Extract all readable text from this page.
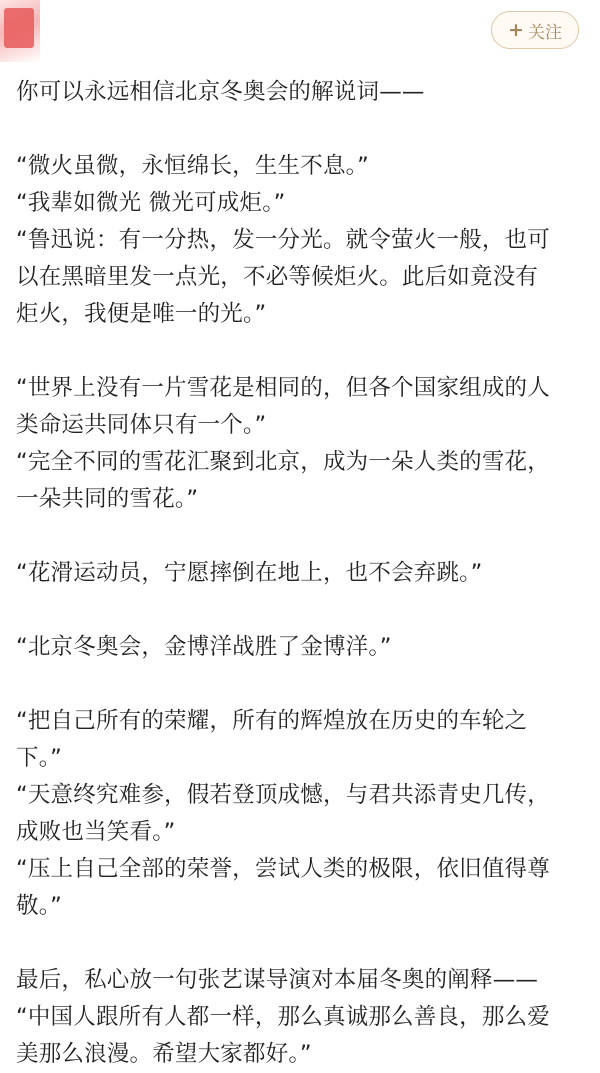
+ 关注
你可以永远相信北京冬奥会的解说词——
“微火虽微，永恒绵长，生生不息。”
“我辈如微光 微光可成炬。”
“鲁迅说：有一分热，发一分光。就令萤火一般，也可
以在黑暗里发一点光，不必等候炬火。此后如竟没有
炬火，我便是唯一的光。”
“世界上没有一片雪花是相同的，但各个国家组成的人
类命运共同体只有一个。”
“完全不同的雪花汇聚到北京，成为一朵人类的雪花，
一朵共同的雪花。”
“花滑运动员，宁愿摔倒在地上，也不会弃跳。”
“北京冬奥会，金博洋战胜了金博洋。”
“把自己所有的荣耀，所有的辉煌放在历史的车轮之
下。”
“天意终究难参，假若登顶成憾，与君共添青史几传，
成败也当笑看。”
“压上自己全部的荣誉，尝试人类的极限，依旧值得尊
敬。”
最后，私心放一句张艺谋导演对本届冬奥的阐释——
“中国人跟所有人都一样，那么真诚那么善良，那么爱
美那么浪漫。希望大家都好。”
